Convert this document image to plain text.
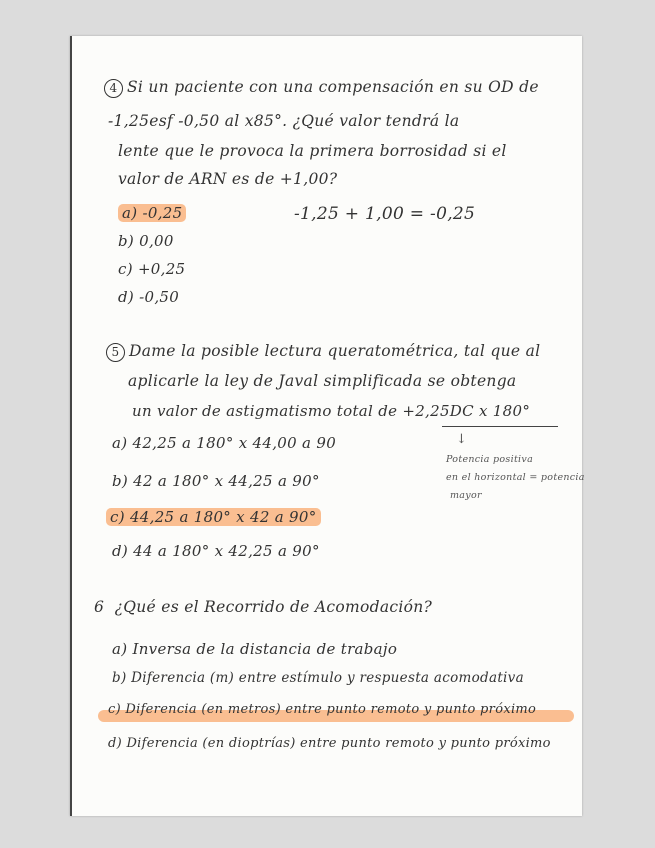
4 Si un paciente con una compensación en su OD de
-1,25esf -0,50 al x85°. ¿Qué valor tendrá la
lente que le provoca la primera borrosidad si el
valor de ARN es de +1,00?
a) -0,25	-1,25 + 1,00 = -0,25
b) 0,00
c) +0,25
d) -0,50
5 Dame la posible lectura queratométrica, tal que al
aplicarle la ley de Javal simplificada se obtenga
un valor de astigmatismo total de +2,25DC x 180°
↓
a) 42,25 a 180° x 44,00 a 90
Potencia positiva
en el horizontal = potencia
mayor
b) 42 a 180° x 44,25 a 90°
c) 44,25 a 180° x 42 a 90°
d) 44 a 180° x 42,25 a 90°
6 ¿Qué es el Recorrido de Acomodación?
a) Inversa de la distancia de trabajo
b) Diferencia (m) entre estímulo y respuesta acomodativa
c) Diferencia (en metros) entre punto remoto y punto próximo
d) Diferencia (en dioptrías) entre punto remoto y punto próximo
